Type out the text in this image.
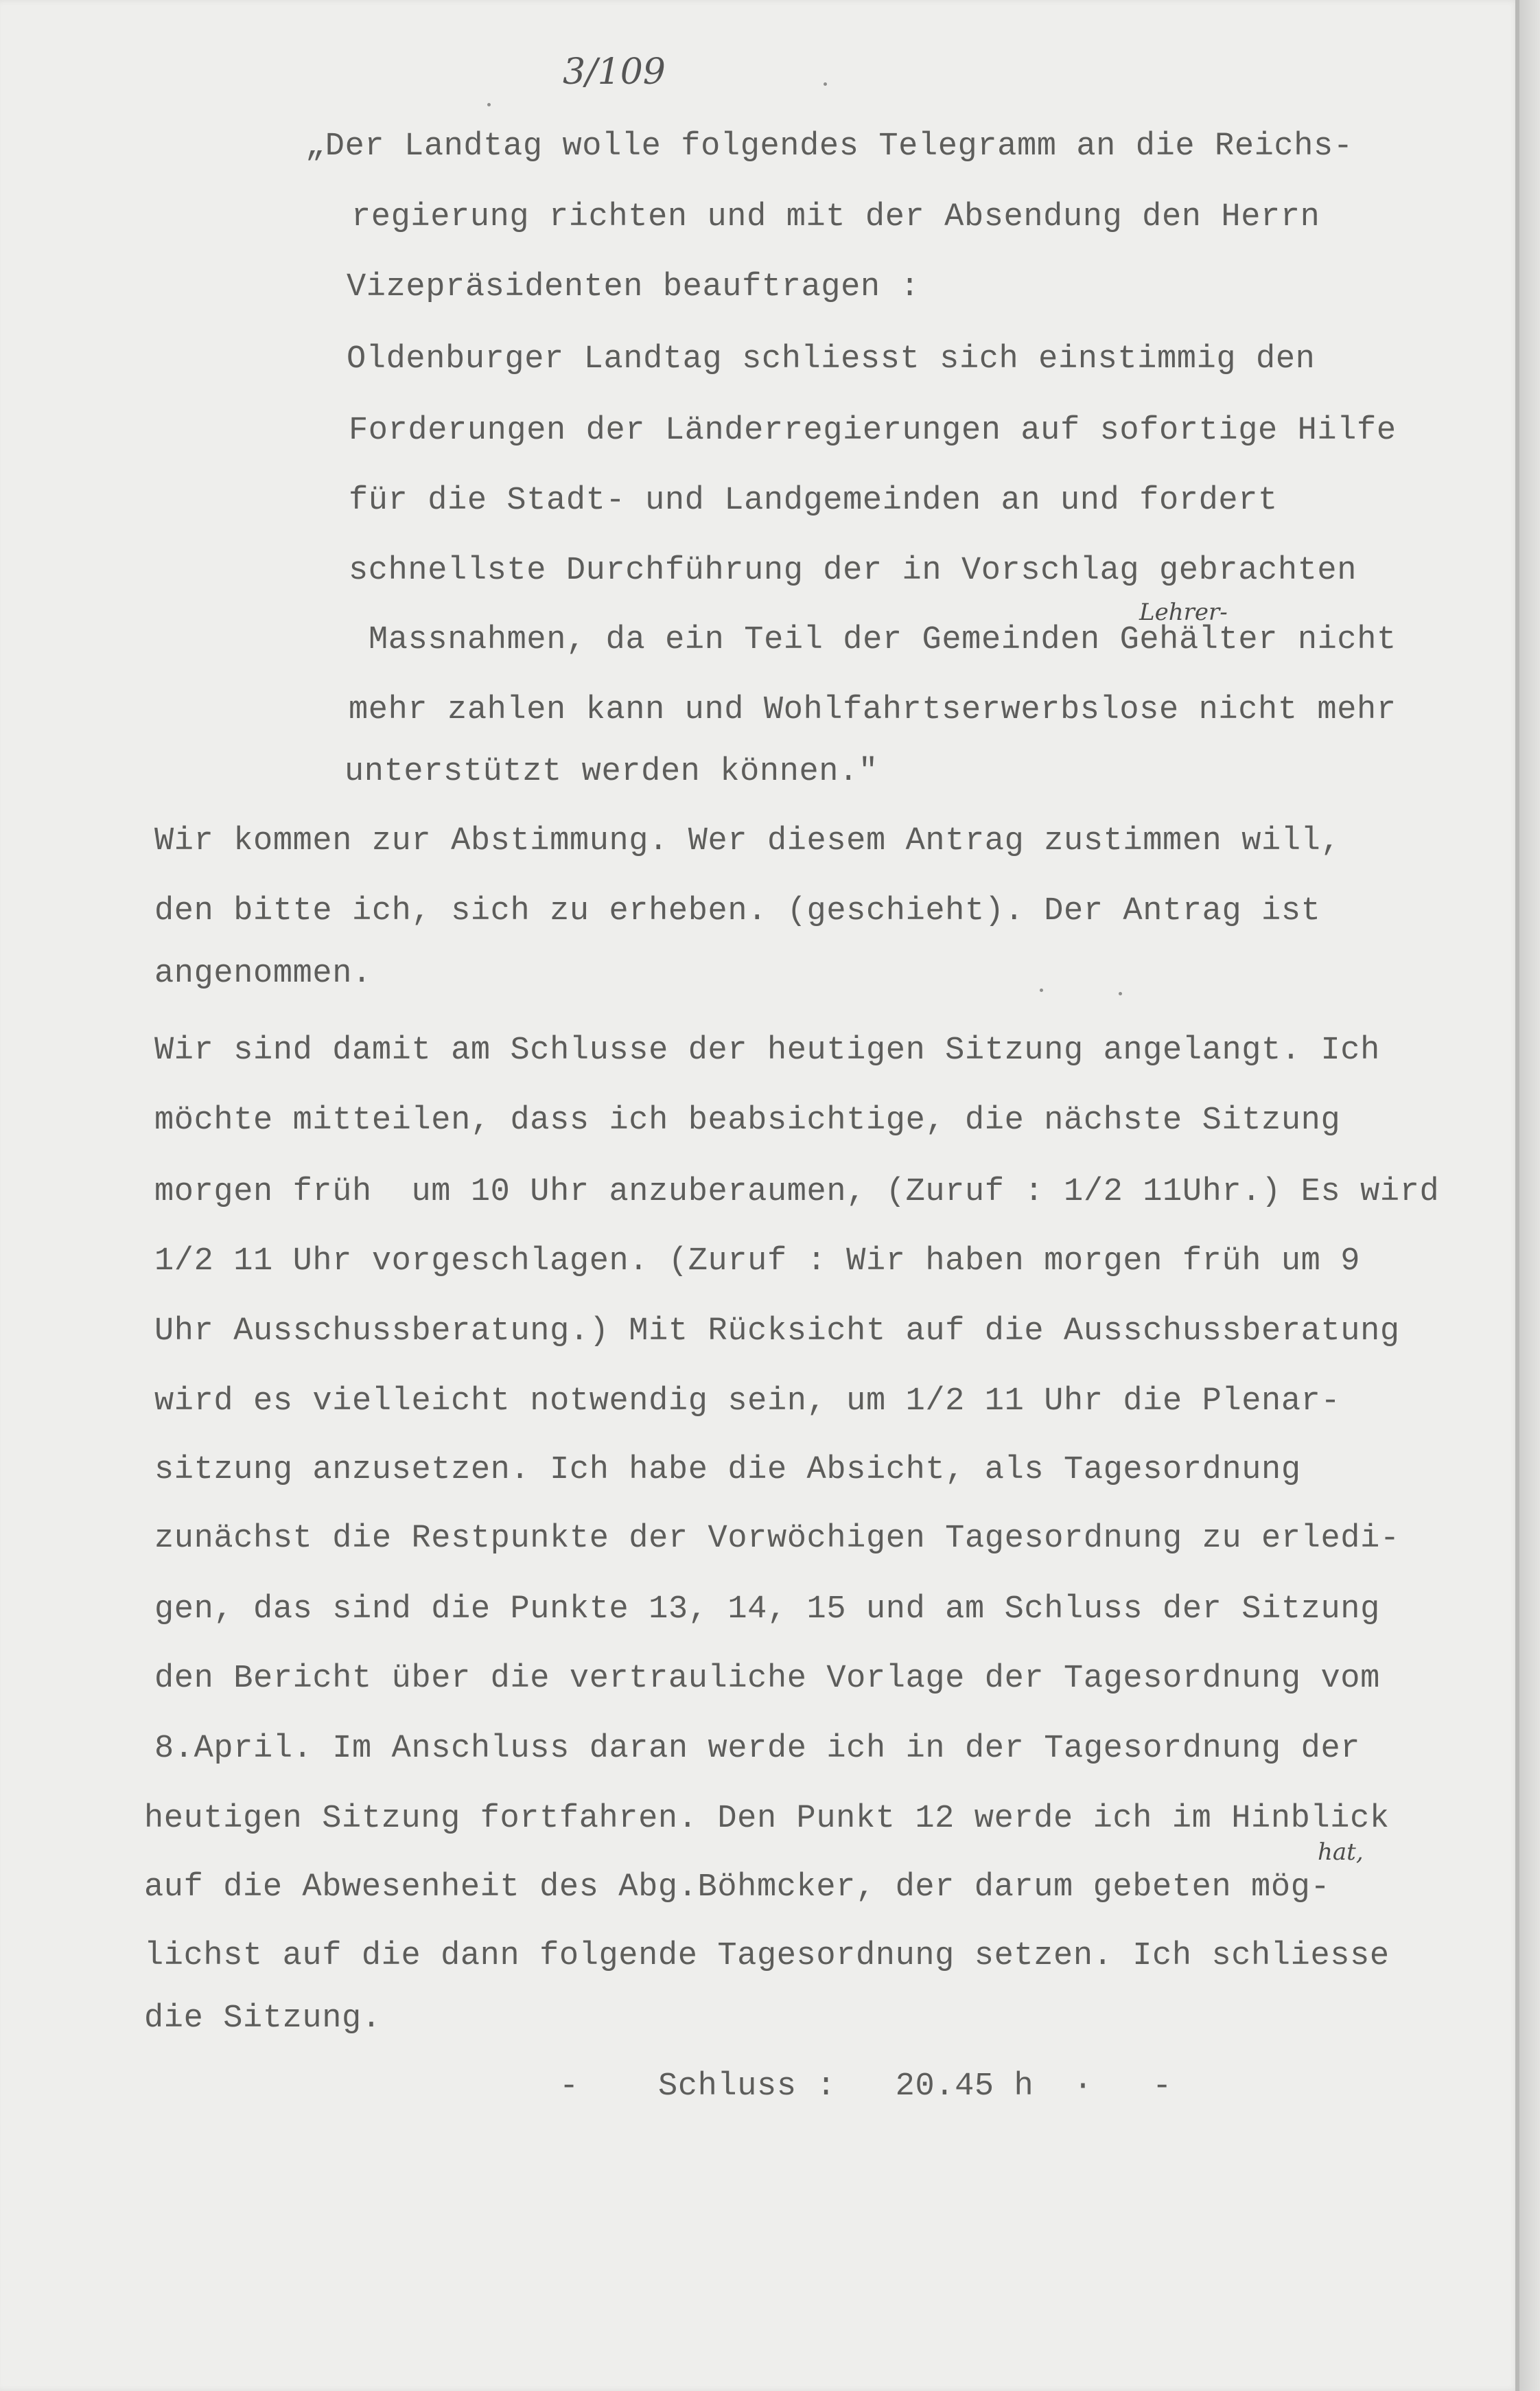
3/109
„Der Landtag wolle folgendes Telegramm an die Reichs-
regierung richten und mit der Absendung den Herrn
Vizepräsidenten beauftragen :
Oldenburger Landtag schliesst sich einstimmig den
Forderungen der Länderregierungen auf sofortige Hilfe
für die Stadt- und Landgemeinden an und fordert
schnellste Durchführung der in Vorschlag gebrachten
Massnahmen, da ein Teil der Gemeinden Gehälter nicht
mehr zahlen kann und Wohlfahrtserwerbslose nicht mehr
unterstützt werden können."
Wir kommen zur Abstimmung. Wer diesem Antrag zustimmen will,
den bitte ich, sich zu erheben. (geschieht). Der Antrag ist
angenommen.
Wir sind damit am Schlusse der heutigen Sitzung angelangt. Ich
möchte mitteilen, dass ich beabsichtige, die nächste Sitzung
morgen früh  um 10 Uhr anzuberaumen, (Zuruf : 1/2 11Uhr.) Es wird
1/2 11 Uhr vorgeschlagen. (Zuruf : Wir haben morgen früh um 9
Uhr Ausschussberatung.) Mit Rücksicht auf die Ausschussberatung
wird es vielleicht notwendig sein, um 1/2 11 Uhr die Plenar-
sitzung anzusetzen. Ich habe die Absicht, als Tagesordnung
zunächst die Restpunkte der Vorwöchigen Tagesordnung zu erledi-
gen, das sind die Punkte 13, 14, 15 und am Schluss der Sitzung
den Bericht über die vertrauliche Vorlage der Tagesordnung vom
8.April. Im Anschluss daran werde ich in der Tagesordnung der
heutigen Sitzung fortfahren. Den Punkt 12 werde ich im Hinblick
auf die Abwesenheit des Abg.Böhmcker, der darum gebeten mög-
lichst auf die dann folgende Tagesordnung setzen. Ich schliesse
die Sitzung.
-    Schluss :   20.45 h  ·   -
Lehrer-
hat,
